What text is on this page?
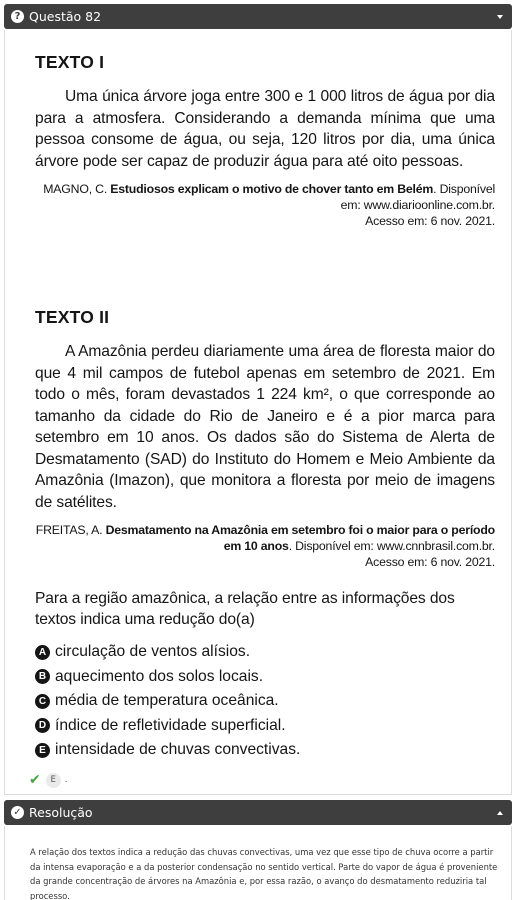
? Questão 82
TEXTO I
Uma única árvore joga entre 300 e 1 000 litros de água por dia para a atmosfera. Considerando a demanda mínima que uma pessoa consome de água, ou seja, 120 litros por dia, uma única árvore pode ser capaz de produzir água para até oito pessoas.
MAGNO, C. Estudiosos explicam o motivo de chover tanto em Belém. Disponível em: www.diarioonline.com.br.
Acesso em: 6 nov. 2021.
TEXTO II
A Amazônia perdeu diariamente uma área de floresta maior do que 4 mil campos de futebol apenas em setembro de 2021. Em todo o mês, foram devastados 1 224 km², o que corresponde ao tamanho da cidade do Rio de Janeiro e é a pior marca para setembro em 10 anos. Os dados são do Sistema de Alerta de Desmatamento (SAD) do Instituto do Homem e Meio Ambiente da Amazônia (Imazon), que monitora a floresta por meio de imagens de satélites.
FREITAS, A. Desmatamento na Amazônia em setembro foi o maior para o período em 10 anos. Disponível em: www.cnnbrasil.com.br.
Acesso em: 6 nov. 2021.
Para a região amazônica, a relação entre as informações dos textos indica uma redução do(a)
A circulação de ventos alísios.
B aquecimento dos solos locais.
C média de temperatura oceânica.
D índice de refletividade superficial.
E intensidade de chuvas convectivas.
✔	E .
✓ Resolução
A relação dos textos indica a redução das chuvas convectivas, uma vez que esse tipo de chuva ocorre a partir da intensa evaporação e a da posterior condensação no sentido vertical. Parte do vapor de água é proveniente da grande concentração de árvores na Amazônia e, por essa razão, o avanço do desmatamento reduziria tal processo.
